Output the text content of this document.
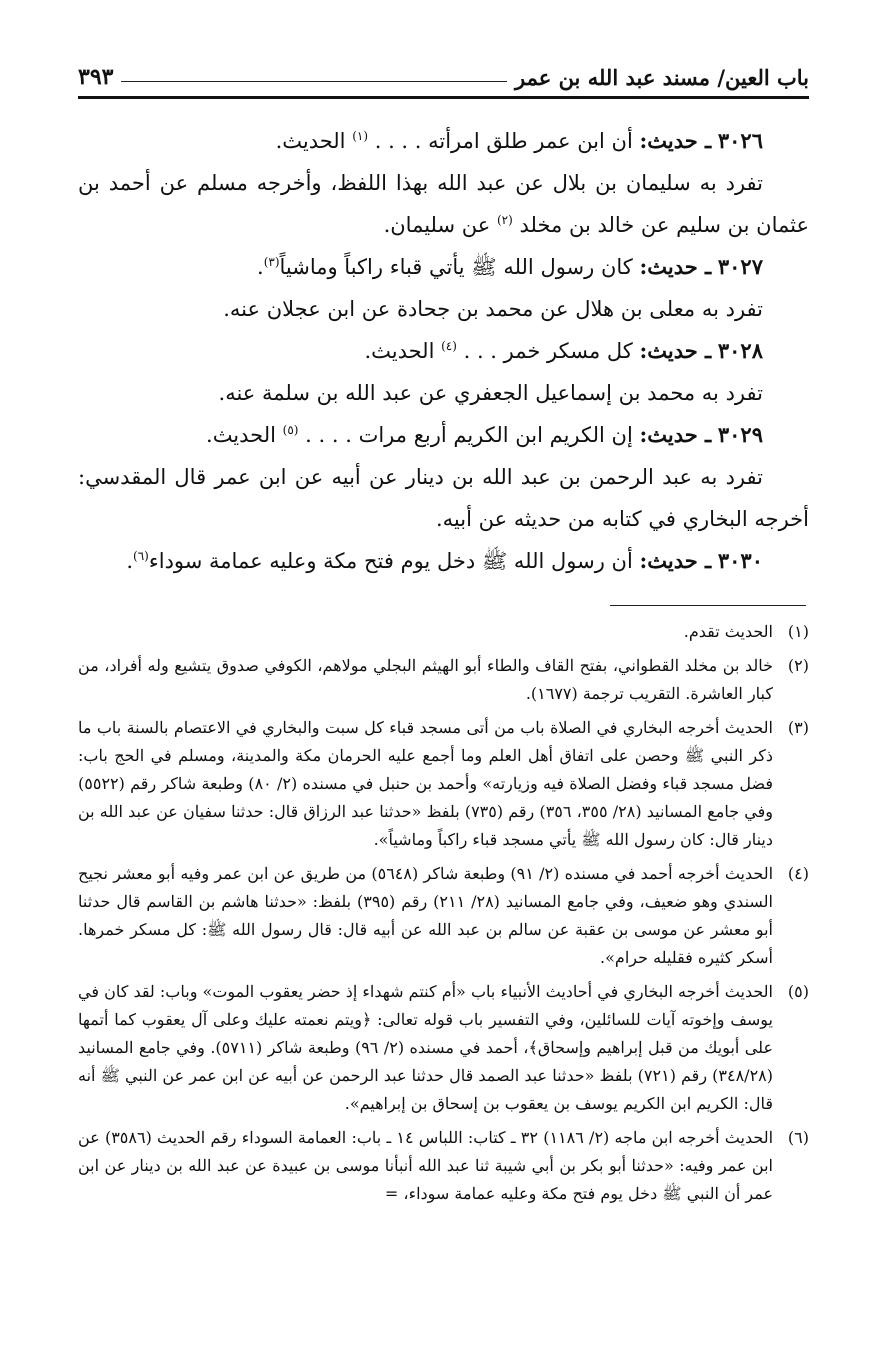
باب العين/ مسند عبد الله بن عمر
٣٩٣

٣٠٢٦ ـ حديث: أن ابن عمر طلق امرأته . . . . $^{(١)}$ الحديث.

تفرد به سليمان بن بلال عن عبد الله بهذا اللفظ، وأخرجه مسلم عن أحمد بن عثمان بن سليم عن خالد بن مخلد $^{(٢)}$ عن سليمان.

٣٠٢٧ ـ حديث: كان رسول الله ﷺ يأتي قباء راكباً وماشياً$^{(٣)}$.

تفرد به معلى بن هلال عن محمد بن جحادة عن ابن عجلان عنه.

٣٠٢٨ ـ حديث: كل مسكر خمر . . . $^{(٤)}$ الحديث.

تفرد به محمد بن إسماعيل الجعفري عن عبد الله بن سلمة عنه.

٣٠٢٩ ـ حديث: إن الكريم ابن الكريم أربع مرات . . . . $^{(٥)}$ الحديث.

تفرد به عبد الرحمن بن عبد الله بن دينار عن أبيه عن ابن عمر قال المقدسي: أخرجه البخاري في كتابه من حديثه عن أبيه.

٣٠٣٠ ـ حديث: أن رسول الله ﷺ دخل يوم فتح مكة وعليه عمامة سوداء$^{(٦)}$.

(١)
الحديث تقدم.
(٢)
خالد بن مخلد القطواني، بفتح القاف والطاء أبو الهيثم البجلي مولاهم، الكوفي صدوق يتشيع وله أفراد، من كبار العاشرة. التقريب ترجمة (١٦٧٧).
(٣)
الحديث أخرجه البخاري في الصلاة باب من أتى مسجد قباء كل سبت والبخاري في الاعتصام بالسنة باب ما ذكر النبي ﷺ وحصن على اتفاق أهل العلم وما أجمع عليه الحرمان مكة والمدينة، ومسلم في الحج باب: فضل مسجد قباء وفضل الصلاة فيه وزيارته» وأحمد بن حنبل في مسنده (٢/ ٨٠) وطبعة شاكر رقم (٥٥٢٢) وفي جامع المسانيد (٢٨/ ٣٥٥، ٣٥٦) رقم (٧٣٥) بلفظ «حدثنا عبد الرزاق قال: حدثنا سفيان عن عبد الله بن دينار قال: كان رسول الله ﷺ يأتي مسجد قباء راكباً وماشياً».
(٤)
الحديث أخرجه أحمد في مسنده (٢/ ٩١) وطبعة شاكر (٥٦٤٨) من طريق عن ابن عمر وفيه أبو معشر نجيح السندي وهو ضعيف، وفي جامع المسانيد (٢٨/ ٢١١) رقم (٣٩٥) بلفظ: «حدثنا هاشم بن القاسم قال حدثنا أبو معشر عن موسى بن عقبة عن سالم بن عبد الله عن أبيه قال: قال رسول الله ﷺ: كل مسكر خمرها. أسكر كثيره فقليله حرام».
(٥)
الحديث أخرجه البخاري في أحاديث الأنبياء باب «أم كنتم شهداء إذ حضر يعقوب الموت» وباب: لقد كان في يوسف وإخوته آيات للسائلين، وفي التفسير باب قوله تعالى: ﴿ويتم نعمته عليك وعلى آل يعقوب كما أتمها على أبويك من قبل إبراهيم وإسحاق﴾، أحمد في مسنده (٢/ ٩٦) وطبعة شاكر (٥٧١١). وفي جامع المسانيد (٣٤٨/٢٨) رقم (٧٢١) بلفظ «حدثنا عبد الصمد قال حدثنا عبد الرحمن عن أبيه عن ابن عمر عن النبي ﷺ أنه قال: الكريم ابن الكريم يوسف بن يعقوب بن إسحاق بن إبراهيم».
(٦)
الحديث أخرجه ابن ماجه (٢/ ١١٨٦) ٣٢ ـ كتاب: اللباس ١٤ ـ باب: العمامة السوداء رقم الحديث (٣٥٨٦) عن ابن عمر وفيه: «حدثنا أبو بكر بن أبي شيبة ثنا عبد الله أنبأنا موسى بن عبيدة عن عبد الله بن دينار عن ابن عمر أن النبي ﷺ دخل يوم فتح مكة وعليه عمامة سوداء، =
